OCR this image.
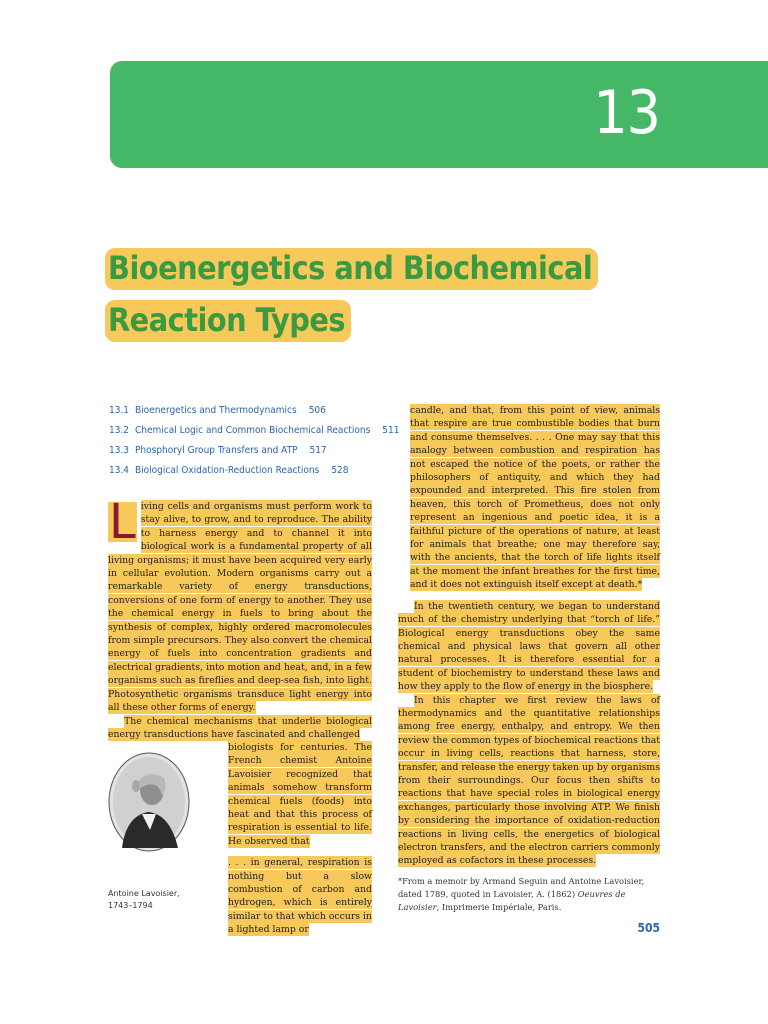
13
Bioenergetics and Biochemical
Reaction Types
13.1 Bioenergetics and Thermodynamics 506
13.2 Chemical Logic and Common Biochemical Reactions 511
13.3 Phosphoryl Group Transfers and ATP 517
13.4 Biological Oxidation-Reduction Reactions 528

L iving cells and organisms must perform work to stay alive, to grow, and to reproduce. The ability to harness energy and to channel it into biological work is a fundamental property of all living organisms; it must have been acquired very early in cellular evolution. Modern organisms carry out a remarkable variety of energy transductions, conversions of one form of energy to another. They use the chemical energy in fuels to bring about the synthesis of complex, highly ordered macromolecules from simple precursors. They also convert the chemical energy of fuels into concentration gradients and electrical gradients, into motion and heat, and, in a few organisms such as fireflies and deep-sea fish, into light. Photosynthetic organisms transduce light energy into all these other forms of energy.

The chemical mechanisms that underlie biological energy transductions have fascinated and challenged

biologists for centuries. The French chemist Antoine Lavoisier recognized that animals somehow transform chemical fuels (foods) into heat and that this process of respiration is essential to life. He observed that

. . . in general, respiration is nothing but a slow combustion of carbon and hydrogen, which is entirely similar to that which occurs in a lighted lamp or

Antoine Lavoisier,
1743–1794

candle, and that, from this point of view, animals that respire are true combustible bodies that burn and consume themselves. . . . One may say that this analogy between combustion and respiration has not escaped the notice of the poets, or rather the philosophers of antiquity, and which they had expounded and interpreted. This fire stolen from heaven, this torch of Prometheus, does not only represent an ingenious and poetic idea, it is a faithful picture of the operations of nature, at least for animals that breathe; one may therefore say, with the ancients, that the torch of life lights itself at the moment the infant breathes for the first time, and it does not extinguish itself except at death.*

In the twentieth century, we began to understand much of the chemistry underlying that “torch of life.” Biological energy transductions obey the same chemical and physical laws that govern all other natural processes. It is therefore essential for a student of biochemistry to understand these laws and how they apply to the flow of energy in the biosphere.

In this chapter we first review the laws of thermodynamics and the quantitative relationships among free energy, enthalpy, and entropy. We then review the common types of biochemical reactions that occur in living cells, reactions that harness, store, transfer, and release the energy taken up by organisms from their surroundings. Our focus then shifts to reactions that have special roles in biological energy exchanges, particularly those involving ATP. We finish by considering the importance of oxidation-reduction reactions in living cells, the energetics of biological electron transfers, and the electron carriers commonly employed as cofactors in these processes.

*From a memoir by Armand Seguin and Antoine Lavoisier, dated 1789, quoted in Lavoisier, A. (1862) Oeuvres de Lavoisier, Imprimerie Impériale, Paris.
505
